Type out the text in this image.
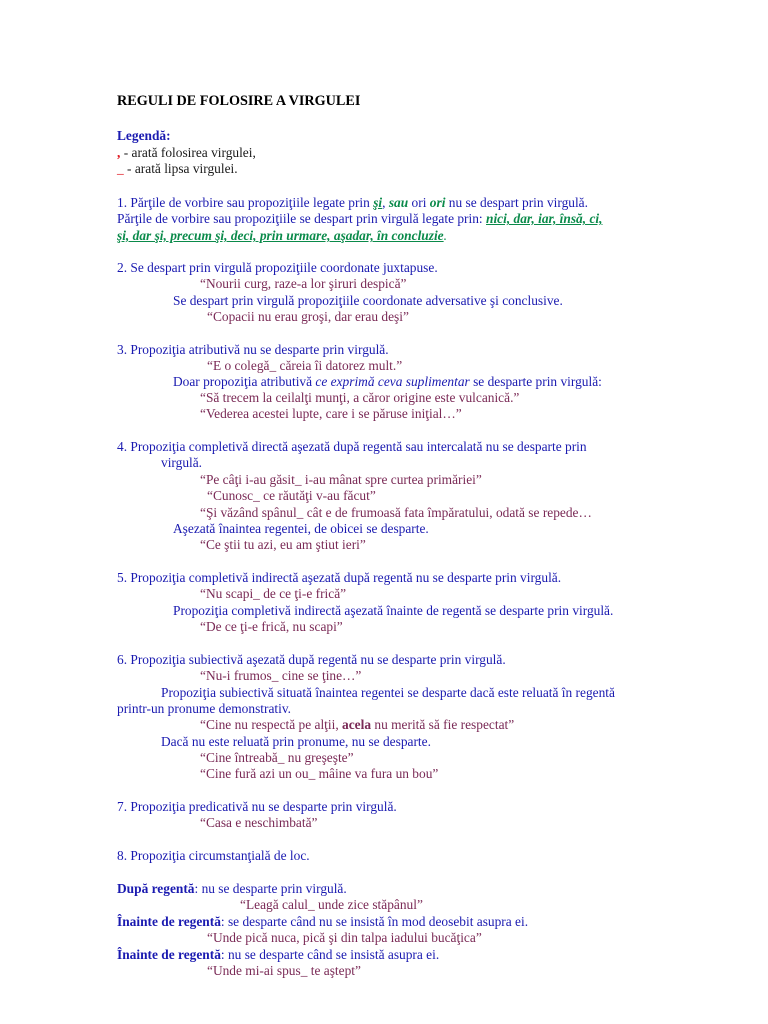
REGULI DE FOLOSIRE A VIRGULEI
Legendă:
, - arată folosirea virgulei,
_ - arată lipsa virgulei.
1. Părţile de vorbire sau propoziţiile legate prin şi, sau ori ori nu se despart prin virgulă.
Părţile de vorbire sau propoziţiile se despart prin virgulă legate prin: nici, dar, iar, însă, ci,
şi, dar şi, precum şi, deci, prin urmare, aşadar, în concluzie.
2. Se despart prin virgulă propoziţiile coordonate juxtapuse.
“Nourii curg, raze-a lor şiruri despică”
Se despart prin virgulă propoziţiile coordonate adversative şi conclusive.
“Copacii nu erau groşi, dar erau deşi”
3. Propoziţia atributivă nu se desparte prin virgulă.
“E o colegă_ căreia îi datorez mult.”
Doar propoziţia atributivă ce exprimă ceva suplimentar se desparte prin virgulă:
“Să trecem la ceilalţi munţi, a căror origine este vulcanică.”
“Vederea acestei lupte, care i se păruse iniţial…”
4. Propoziţia completivă directă aşezată după regentă sau intercalată nu se desparte prin
virgulă.
“Pe câţi i-au găsit_ i-au mânat spre curtea primăriei”
“Cunosc_ ce răutăţi v-au făcut”
“Şi văzând spânul_ cât e de frumoasă fata împăratului, odată se repede…
Aşezată înaintea regentei, de obicei se desparte.
“Ce ştii tu azi, eu am ştiut ieri”
5. Propoziţia completivă indirectă aşezată după regentă nu se desparte prin virgulă.
“Nu scapi_ de ce ţi-e frică”
Propoziţia completivă indirectă aşezată înainte de regentă se desparte prin virgulă.
“De ce ţi-e frică, nu scapi”
6. Propoziţia subiectivă aşezată după regentă nu se desparte prin virgulă.
“Nu-i frumos_ cine se ţine…”
Propoziţia subiectivă situată înaintea regentei se desparte dacă este reluată în regentă
printr-un pronume demonstrativ.
“Cine nu respectă pe alţii, acela nu merită să fie respectat”
Dacă nu este reluată prin pronume, nu se desparte.
“Cine întreabă_ nu greşeşte”
“Cine fură azi un ou_ mâine va fura un bou”
7. Propoziţia predicativă nu se desparte prin virgulă.
“Casa e neschimbată”
8. Propoziţia circumstanţială de loc.
După regentă: nu se desparte prin virgulă.
“Leagă calul_ unde zice stăpânul”
Înainte de regentă: se desparte când nu se insistă în mod deosebit asupra ei.
“Unde pică nuca, pică şi din talpa iadului bucăţica”
Înainte de regentă: nu se desparte când se insistă asupra ei.
“Unde mi-ai spus_ te aştept”
